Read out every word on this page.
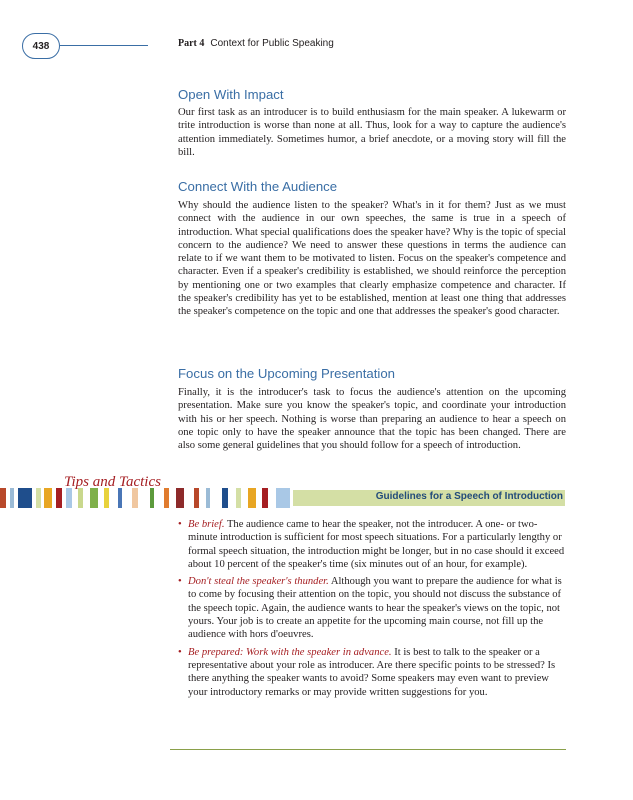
438	Part 4 Context for Public Speaking
Open With Impact

Our first task as an introducer is to build enthusiasm for the main speaker. A lukewarm or trite introduction is worse than none at all. Thus, look for a way to capture the audience's attention immediately. Sometimes humor, a brief anecdote, or a moving story will fill the bill.

Connect With the Audience

Why should the audience listen to the speaker? What's in it for them? Just as we must connect with the audience in our own speeches, the same is true in a speech of introduction. What special qualifications does the speaker have? Why is the topic of special concern to the audience? We need to answer these questions in terms the audience can relate to if we want them to be motivated to listen. Focus on the speaker's competence and character. Even if a speaker's credibility is established, we should reinforce the perception by mentioning one or two examples that clearly emphasize competence and character. If the speaker's credibility has yet to be established, mention at least one thing that addresses the speaker's competence on the topic and one that addresses the speaker's good character.

Focus on the Upcoming Presentation

Finally, it is the introducer's task to focus the audience's attention on the upcoming presentation. Make sure you know the speaker's topic, and coordinate your introduction with his or her speech. Nothing is worse than preparing an audience to hear a speech on one topic only to have the speaker announce that the topic has been changed. There are also some general guidelines that you should follow for a speech of introduction.

Tips and Tactics
Guidelines for a Speech of Introduction
• Be brief. The audience came to hear the speaker, not the introducer. A one- or two-minute introduction is sufficient for most speech situations. For a particularly lengthy or formal speech situation, the introduction might be longer, but in no case should it exceed about 10 percent of the speaker's time (six minutes out of an hour, for example).
• Don't steal the speaker's thunder. Although you want to prepare the audience for what is to come by focusing their attention on the topic, you should not discuss the substance of the speech topic. Again, the audience wants to hear the speaker's views on the topic, not yours. Your job is to create an appetite for the upcoming main course, not fill up the audience with hors d'oeuvres.
• Be prepared: Work with the speaker in advance. It is best to talk to the speaker or a representative about your role as introducer. Are there specific points to be stressed? Is there anything the speaker wants to avoid? Some speakers may even want to preview your introductory remarks or may provide written suggestions for you.
